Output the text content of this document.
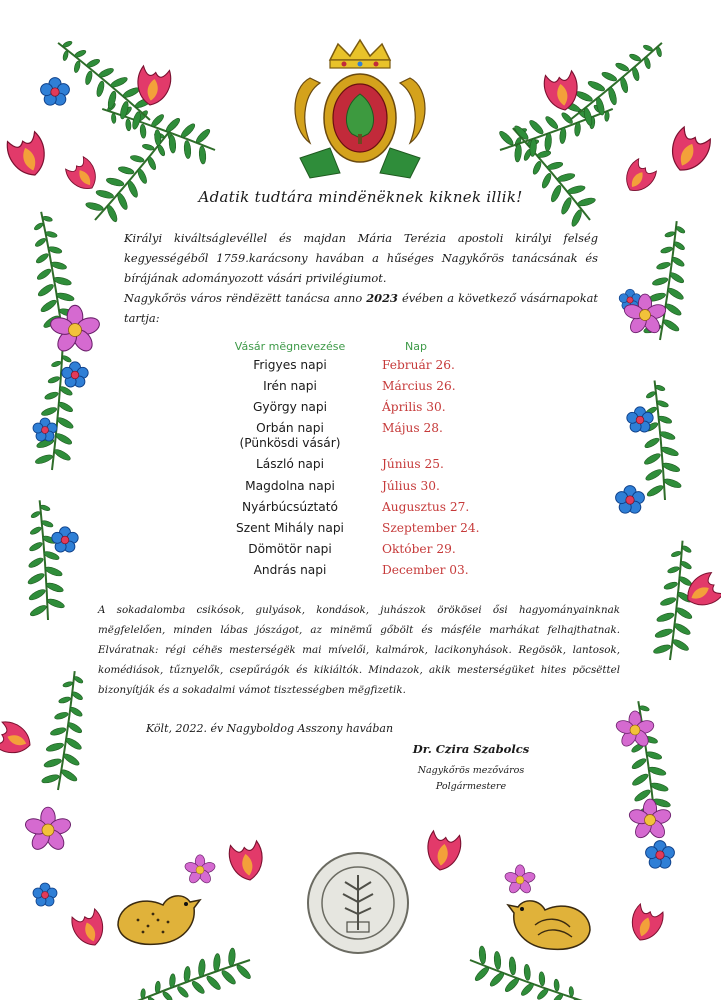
Adatik tudtára mindënëknek kiknek illik!

Királyi kiváltságlevéllel és majdan Mária Terézia apostoli királyi felség kegyességéből 1759.karácsony havában a hűséges Nagykőrös tanácsának és bírájának adományozott vásári privilégiumot.

Nagykőrös város rëndëzëtt tanácsa anno 2023 évében a következő vásárnapokat tartja:

Vásár mëgnevezése	Nap
Frigyes napi	Február 26.
Irén napi	Március 26.
György napi	Április 30.
Orbán napi
(Pünkösdi vásár)
Május 28.
László napi	Június 25.
Magdolna napi	Július 30.
Nyárbúcsúztató	Augusztus 27.
Szent Mihály napi	Szeptember 24.
Dömötör napi	Október 29.
András napi	December 03.
A sokadalomba csikósok, gulyások, kondások, juhászok örökösei ősi hagyományainknak mëgfelelően, minden lábas jószágot, az minëmű gőbölt és másféle marhákat felhajthatnak. Elváratnak: régi céhës mesterségëk mai mívelői, kalmárok, lacikonyhások. Regösök, lantosok, komédiások, tűznyelők, csepűrágók és kikiáltók. Mindazok, akik mesterségüket hites pöcsëttel bizonyítják és a sokadalmi vámot tisztességben mëgfizetik.
Költ, 2022. év Nagyboldog Asszony havában
Dr. Czira Szabolcs
Nagykőrös mezőváros
Polgármestere
